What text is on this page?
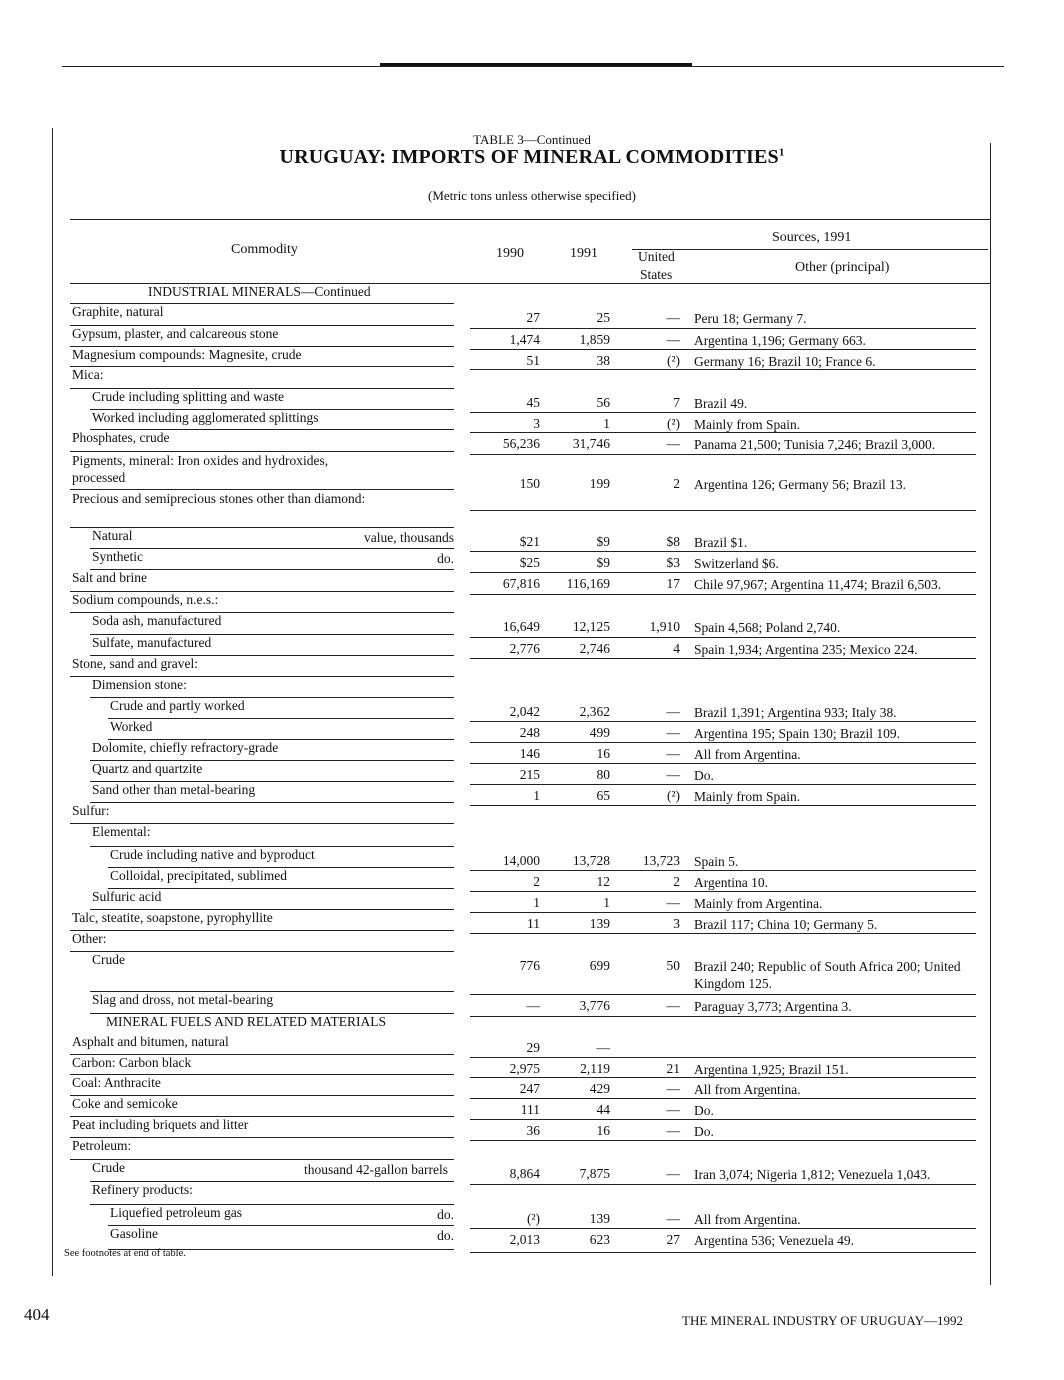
TABLE 3—Continued
URUGUAY: IMPORTS OF MINERAL COMMODITIES$^1$
(Metric tons unless otherwise specified)
Commodity	1990	1991
Sources, 1991
United
States	Other (principal)
INDUSTRIAL MINERALS—Continued
MINERAL FUELS AND RELATED MATERIALS
Graphite, natural	27	25	— Peru 18; Germany 7.
Gypsum, plaster, and calcareous stone	1,474	1,859	— Argentina 1,196; Germany 663.
Magnesium compounds: Magnesite, crude	51	38	(²) Germany 16; Brazil 10; France 6.
Mica:
Crude including splitting and waste	45	56	7 Brazil 49.
Worked including agglomerated splittings	3	1	(²) Mainly from Spain.
Phosphates, crude	56,236	31,746	— Panama 21,500; Tunisia 7,246; Brazil 3,000.
Pigments, mineral: Iron oxides and hydroxides, processed	150	199	2 Argentina 126; Germany 56; Brazil 13.
Precious and semiprecious stones other than diamond:
Natural	value, thousands	$21	$9	$8 Brazil $1.
Synthetic	do.	$25	$9	$3 Switzerland $6.
Salt and brine	67,816	116,169	17 Chile 97,967; Argentina 11,474; Brazil 6,503.
Sodium compounds, n.e.s.:
Soda ash, manufactured	16,649	12,125	1,910 Spain 4,568; Poland 2,740.
Sulfate, manufactured	2,776	2,746	4 Spain 1,934; Argentina 235; Mexico 224.
Stone, sand and gravel:
Dimension stone:
Crude and partly worked	2,042	2,362	— Brazil 1,391; Argentina 933; Italy 38.
Worked	248	499	— Argentina 195; Spain 130; Brazil 109.
Dolomite, chiefly refractory-grade	146	16	— All from Argentina.
Quartz and quartzite	215	80	— Do.
Sand other than metal-bearing	1	65	(²) Mainly from Spain.
Sulfur:
Elemental:
Crude including native and byproduct	14,000	13,728	13,723 Spain 5.
Colloidal, precipitated, sublimed	2	12	2 Argentina 10.
Sulfuric acid	1	1	— Mainly from Argentina.
Talc, steatite, soapstone, pyrophyllite	11	139	3 Brazil 117; China 10; Germany 5.
Other:
Crude	776	699	50 Brazil 240; Republic of South Africa 200; United Kingdom 125.
Slag and dross, not metal-bearing	—	3,776	— Paraguay 3,773; Argentina 3.
Asphalt and bitumen, natural	29	—
Carbon: Carbon black	2,975	2,119	21 Argentina 1,925; Brazil 151.
Coal: Anthracite	247	429	— All from Argentina.
Coke and semicoke	111	44	— Do.
Peat including briquets and litter	36	16	— Do.
Petroleum:
Crude	thousand 42-gallon barrels	8,864	7,875	— Iran 3,074; Nigeria 1,812; Venezuela 1,043.
Refinery products:
Liquefied petroleum gas	do.	(²)	139	— All from Argentina.
Gasoline	do.	2,013	623	27 Argentina 536; Venezuela 49.
See footnotes at end of table.
404	THE MINERAL INDUSTRY OF URUGUAY—1992
